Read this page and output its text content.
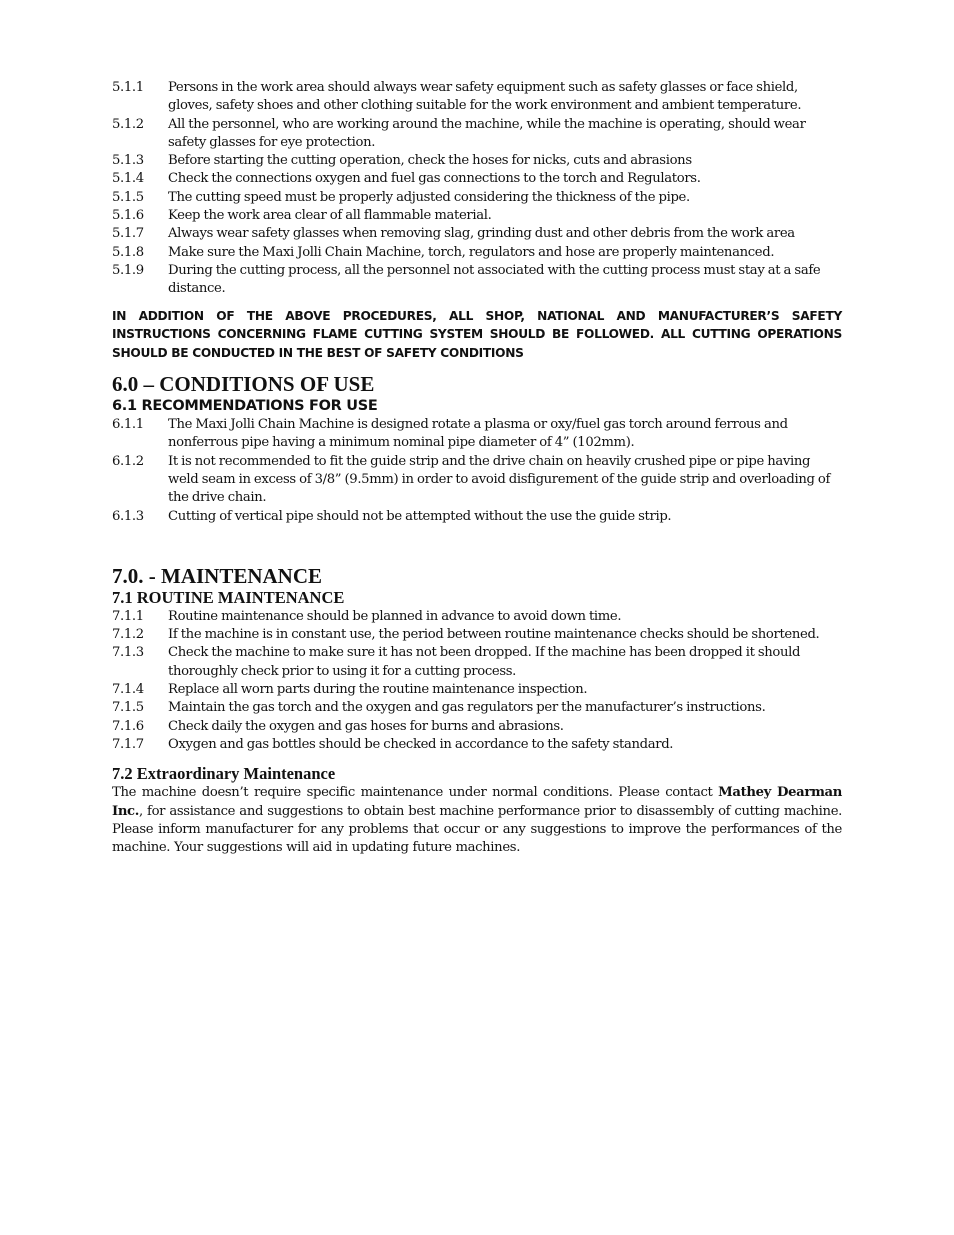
5.1.1 Persons in the work area should always wear safety equipment such as safety glasses or face shield, gloves, safety shoes and other clothing suitable for the work environment and ambient temperature.
5.1.2 All the personnel, who are working around the machine, while the machine is operating, should wear safety glasses for eye protection.
5.1.3 Before starting the cutting operation, check the hoses for nicks, cuts and abrasions
5.1.4 Check the connections oxygen and fuel gas connections to the torch and Regulators.
5.1.5 The cutting speed must be properly adjusted considering the thickness of the pipe.
5.1.6 Keep the work area clear of all flammable material.
5.1.7 Always wear safety glasses when removing slag, grinding dust and other debris from the work area
5.1.8 Make sure the Maxi Jolli Chain Machine, torch, regulators and hose are properly maintenanced.
5.1.9 During the cutting process, all the personnel not associated with the cutting process must stay at a safe distance.
IN ADDITION OF THE ABOVE PROCEDURES, ALL SHOP, NATIONAL AND MANUFACTURER’S SAFETY INSTRUCTIONS CONCERNING FLAME CUTTING SYSTEM SHOULD BE FOLLOWED. ALL CUTTING OPERATIONS SHOULD BE CONDUCTED IN THE BEST OF SAFETY CONDITIONS
6.0 – CONDITIONS OF USE
6.1 RECOMMENDATIONS FOR USE
6.1.1 The Maxi Jolli Chain Machine is designed rotate a plasma or oxy/fuel gas torch around ferrous and nonferrous pipe having a minimum nominal pipe diameter of 4” (102mm).
6.1.2 It is not recommended to fit the guide strip and the drive chain on heavily crushed pipe or pipe having weld seam in excess of 3/8” (9.5mm) in order to avoid disfigurement of the guide strip and overloading of the drive chain.
6.1.3 Cutting of vertical pipe should not be attempted without the use the guide strip.
7.0. - MAINTENANCE
7.1 ROUTINE MAINTENANCE
7.1.1 Routine maintenance should be planned in advance to avoid down time.
7.1.2 If the machine is in constant use, the period between routine maintenance checks should be shortened.
7.1.3 Check the machine to make sure it has not been dropped. If the machine has been dropped it should thoroughly check prior to using it for a cutting process.
7.1.4 Replace all worn parts during the routine maintenance inspection.
7.1.5 Maintain the gas torch and the oxygen and gas regulators per the manufacturer’s instructions.
7.1.6 Check daily the oxygen and gas hoses for burns and abrasions.
7.1.7 Oxygen and gas bottles should be checked in accordance to the safety standard.
7.2 Extraordinary Maintenance
The machine doesn’t require specific maintenance under normal conditions. Please contact Mathey Dearman Inc., for assistance and suggestions to obtain best machine performance prior to disassembly of cutting machine. Please inform manufacturer for any problems that occur or any suggestions to improve the performances of the machine. Your suggestions will aid in updating future machines.
